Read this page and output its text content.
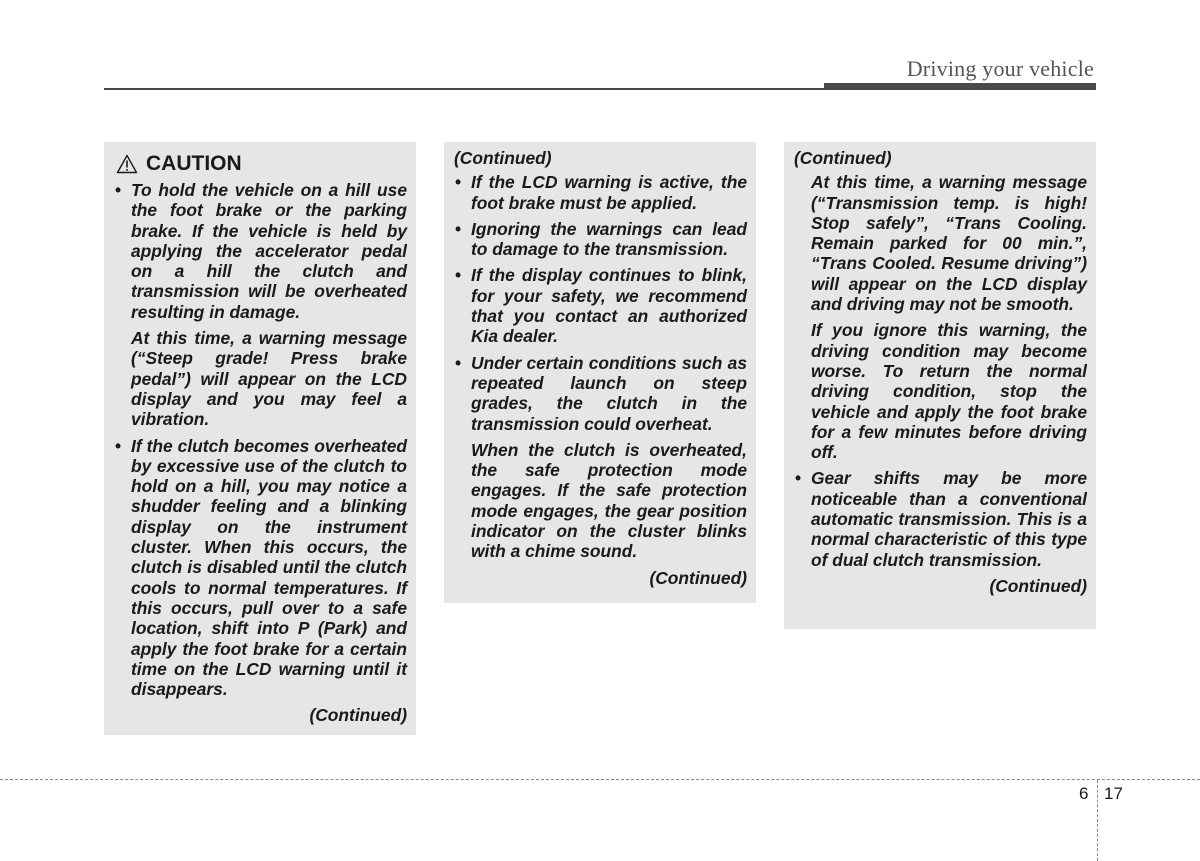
Driving your vehicle
CAUTION
• To hold the vehicle on a hill use the foot brake or the parking brake. If the vehicle is held by applying the accelerator pedal on a hill the clutch and transmission will be overheated resulting in damage.
At this time, a warning message (“Steep grade! Press brake pedal”) will appear on the LCD display and you may feel a vibration.
• If the clutch becomes overheated by excessive use of the clutch to hold on a hill, you may notice a shudder feeling and a blinking display on the instrument cluster. When this occurs, the clutch is disabled until the clutch cools to normal temperatures. If this occurs, pull over to a safe location, shift into P (Park) and apply the foot brake for a certain time on the LCD warning until it disappears.
(Continued)
(Continued)
• If the LCD warning is active, the foot brake must be applied.
• Ignoring the warnings can lead to damage to the transmission.
• If the display continues to blink, for your safety, we recommend that you contact an authorized Kia dealer.
• Under certain conditions such as repeated launch on steep grades, the clutch in the transmission could overheat.
When the clutch is overheated, the safe protection mode engages. If the safe protection mode engages, the gear position indicator on the cluster blinks with a chime sound.
(Continued)
(Continued)
At this time, a warning message (“Transmission temp. is high! Stop safely”, “Trans Cooling. Remain parked for 00 min.”, “Trans Cooled. Resume driving”) will appear on the LCD display and driving may not be smooth.
If you ignore this warning, the driving condition may become worse. To return the normal driving condition, stop the vehicle and apply the foot brake for a few minutes before driving off.
• Gear shifts may be more noticeable than a conventional automatic transmission. This is a normal characteristic of this type of dual clutch transmission.
(Continued)
6 17
